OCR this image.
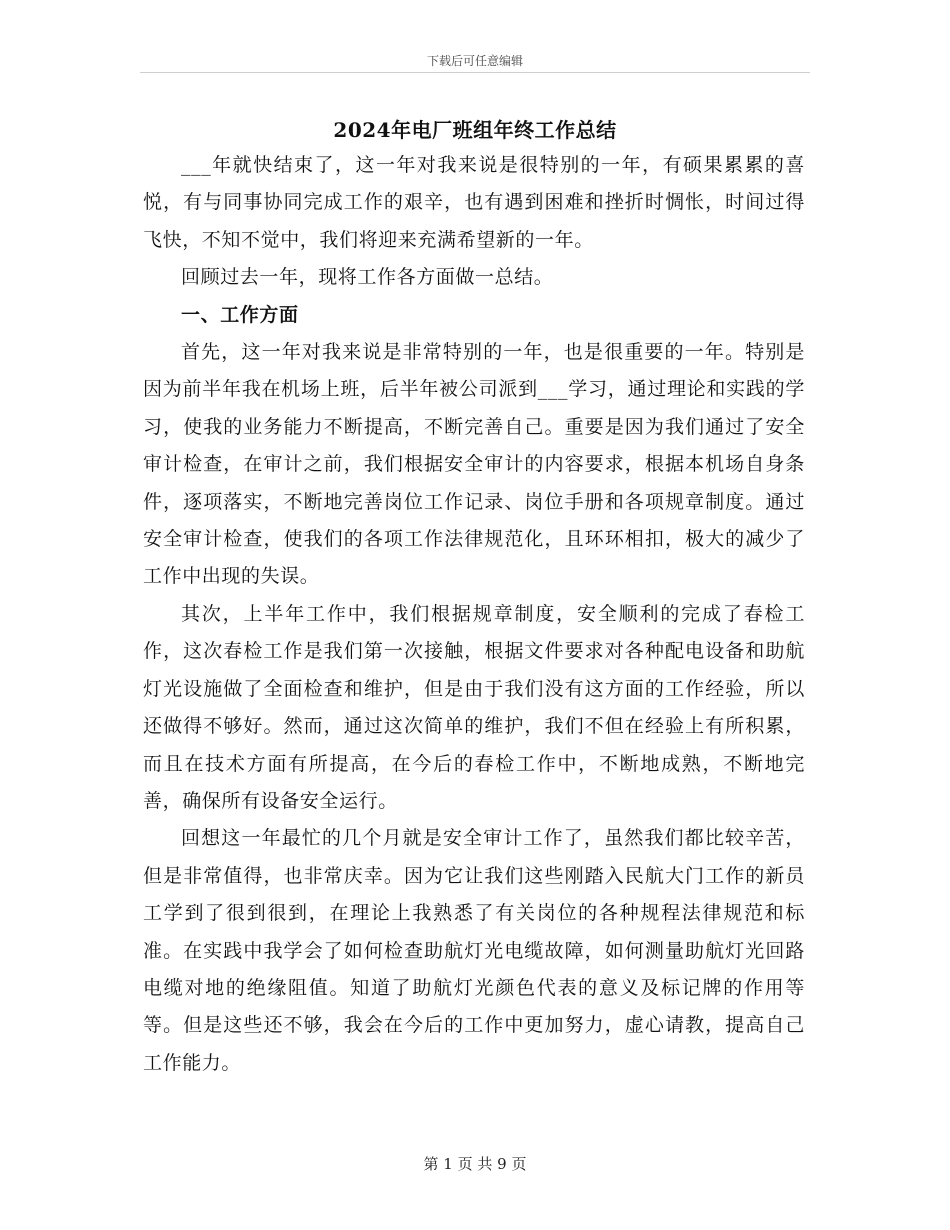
下载后可任意编辑
2024年电厂班组年终工作总结

___年就快结束了，这一年对我来说是很特别的一年，有硕果累累的喜悦，有与同事协同完成工作的艰辛，也有遇到困难和挫折时惆怅，时间过得飞快，不知不觉中，我们将迎来充满希望新的一年。

回顾过去一年，现将工作各方面做一总结。

一、工作方面

首先，这一年对我来说是非常特别的一年，也是很重要的一年。特别是因为前半年我在机场上班，后半年被公司派到___学习，通过理论和实践的学习，使我的业务能力不断提高，不断完善自己。重要是因为我们通过了安全审计检查，在审计之前，我们根据安全审计的内容要求，根据本机场自身条件，逐项落实，不断地完善岗位工作记录、岗位手册和各项规章制度。通过安全审计检查，使我们的各项工作法律规范化，且环环相扣，极大的减少了工作中出现的失误。

其次，上半年工作中，我们根据规章制度，安全顺利的完成了春检工作，这次春检工作是我们第一次接触，根据文件要求对各种配电设备和助航灯光设施做了全面检查和维护，但是由于我们没有这方面的工作经验，所以还做得不够好。然而，通过这次简单的维护，我们不但在经验上有所积累，而且在技术方面有所提高，在今后的春检工作中，不断地成熟，不断地完善，确保所有设备安全运行。

回想这一年最忙的几个月就是安全审计工作了，虽然我们都比较辛苦，但是非常值得，也非常庆幸。因为它让我们这些刚踏入民航大门工作的新员工学到了很到很到，在理论上我熟悉了有关岗位的各种规程法律规范和标准。在实践中我学会了如何检查助航灯光电缆故障，如何测量助航灯光回路电缆对地的绝缘阻值。知道了助航灯光颜色代表的意义及标记牌的作用等等。但是这些还不够，我会在今后的工作中更加努力，虚心请教，提高自己工作能力。

第 1 页 共 9 页
